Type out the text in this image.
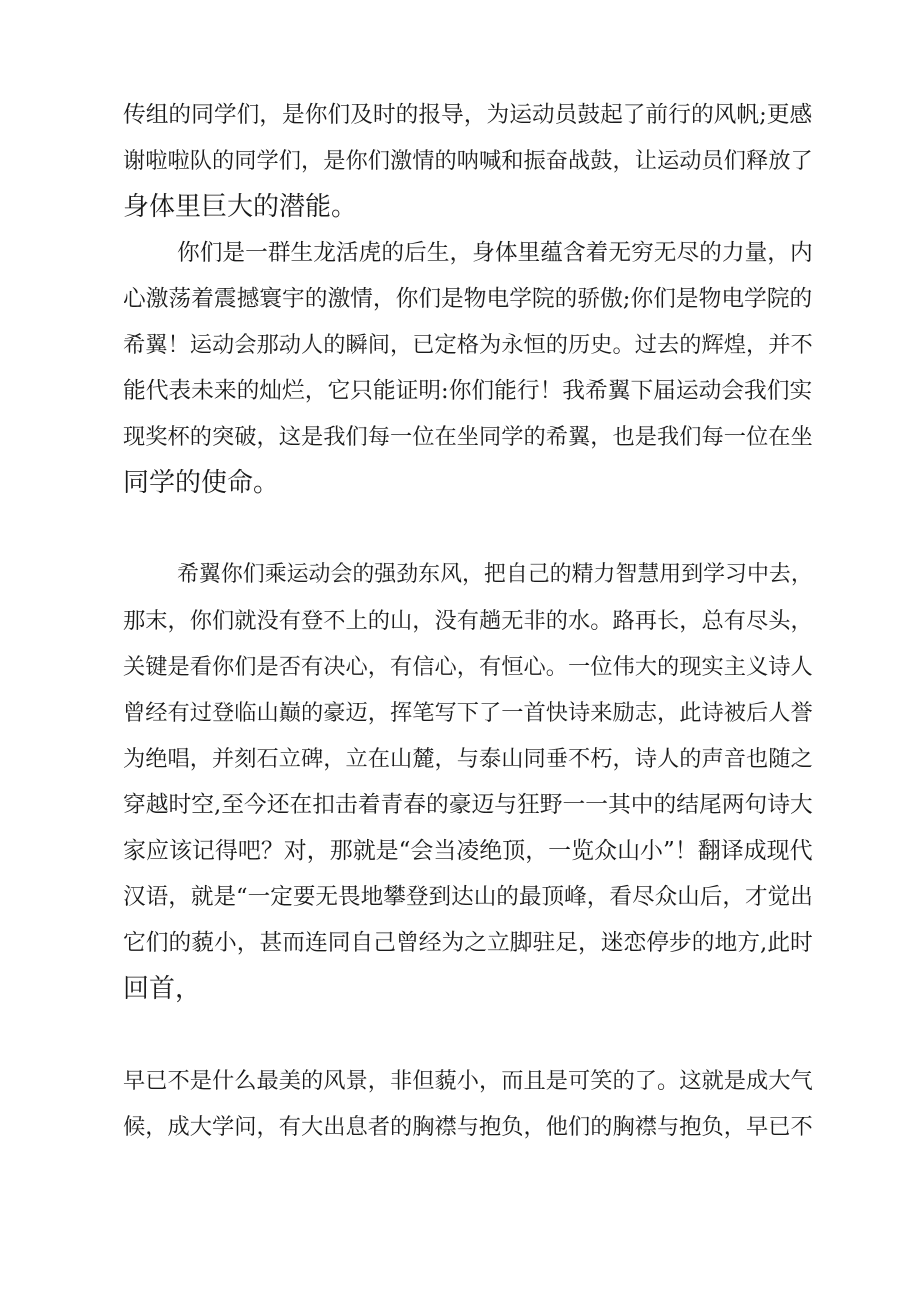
传组的同学们，是你们及时的报导，为运动员鼓起了前行的风帆;更感
谢啦啦队的同学们，是你们激情的呐喊和振奋战鼓，让运动员们释放了
身体里巨大的潜能。

你们是一群生龙活虎的后生，身体里蕴含着无穷无尽的力量，内
心激荡着震撼寰宇的激情，你们是物电学院的骄傲;你们是物电学院的
希翼！运动会那动人的瞬间，已定格为永恒的历史。过去的辉煌，并不
能代表未来的灿烂，它只能证明:你们能行！我希翼下届运动会我们实
现奖杯的突破，这是我们每一位在坐同学的希翼，也是我们每一位在坐
同学的使命。

希翼你们乘运动会的强劲东风，把自己的精力智慧用到学习中去，
那末，你们就没有登不上的山，没有趟无非的水。路再长，总有尽头，
关键是看你们是否有决心，有信心，有恒心。一位伟大的现实主义诗人
曾经有过登临山巅的豪迈，挥笔写下了一首快诗来励志，此诗被后人誉
为绝唱，并刻石立碑，立在山麓，与泰山同垂不朽，诗人的声音也随之
穿越时空,至今还在扣击着青春的豪迈与狂野一一其中的结尾两句诗大
家应该记得吧？对，那就是“会当凌绝顶，一览众山小”！翻译成现代
汉语，就是“一定要无畏地攀登到达山的最顶峰，看尽众山后，才觉出
它们的藐小，甚而连同自己曾经为之立脚驻足，迷恋停步的地方,此时
回首，

早已不是什么最美的风景，非但藐小，而且是可笑的了。这就是成大气
候，成大学问，有大出息者的胸襟与抱负，他们的胸襟与抱负，早已不
